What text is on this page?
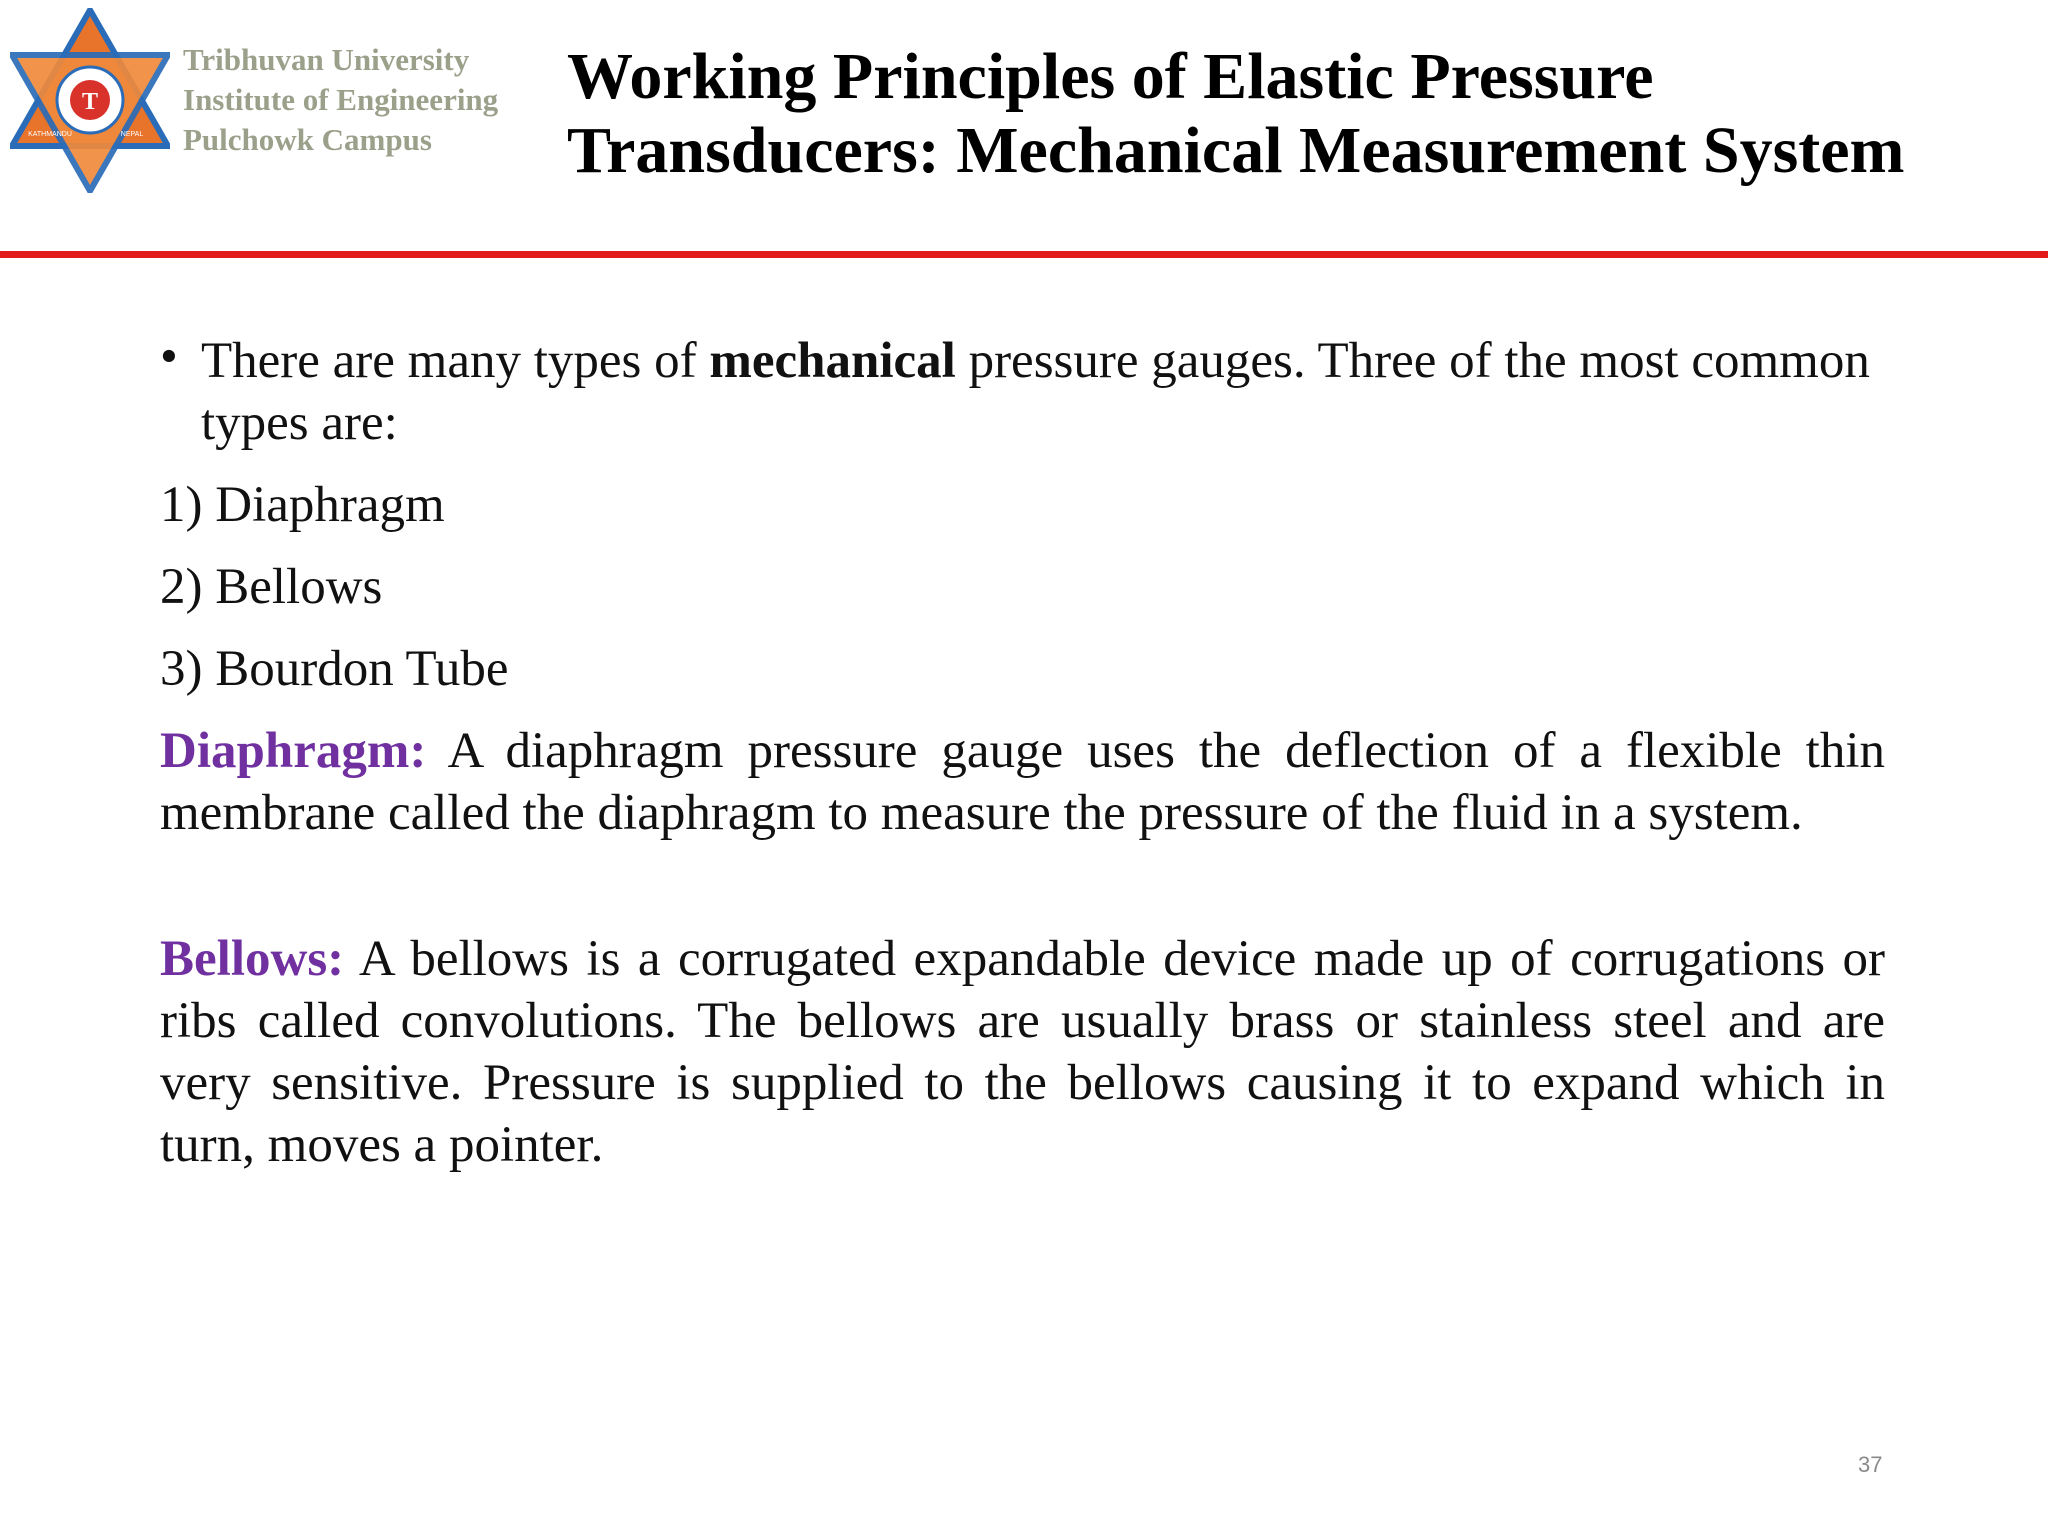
T
KATHMANDU	NEPAL
Tribhuvan University
Institute of Engineering
Pulchowk Campus
Working Principles of Elastic Pressure
Transducers: Mechanical Measurement System
• There are many types of mechanical pressure gauges. Three of the most common types are:
1) Diaphragm
2) Bellows
3) Bourdon Tube
Diaphragm: A diaphragm pressure gauge uses the deflection of a flexible thin membrane called the diaphragm to measure the pressure of the fluid in a system.
Bellows: A bellows is a corrugated expandable device made up of corrugations or ribs called convolutions. The bellows are usually brass or stainless steel and are very sensitive. Pressure is supplied to the bellows causing it to expand which in turn, moves a pointer.
37
